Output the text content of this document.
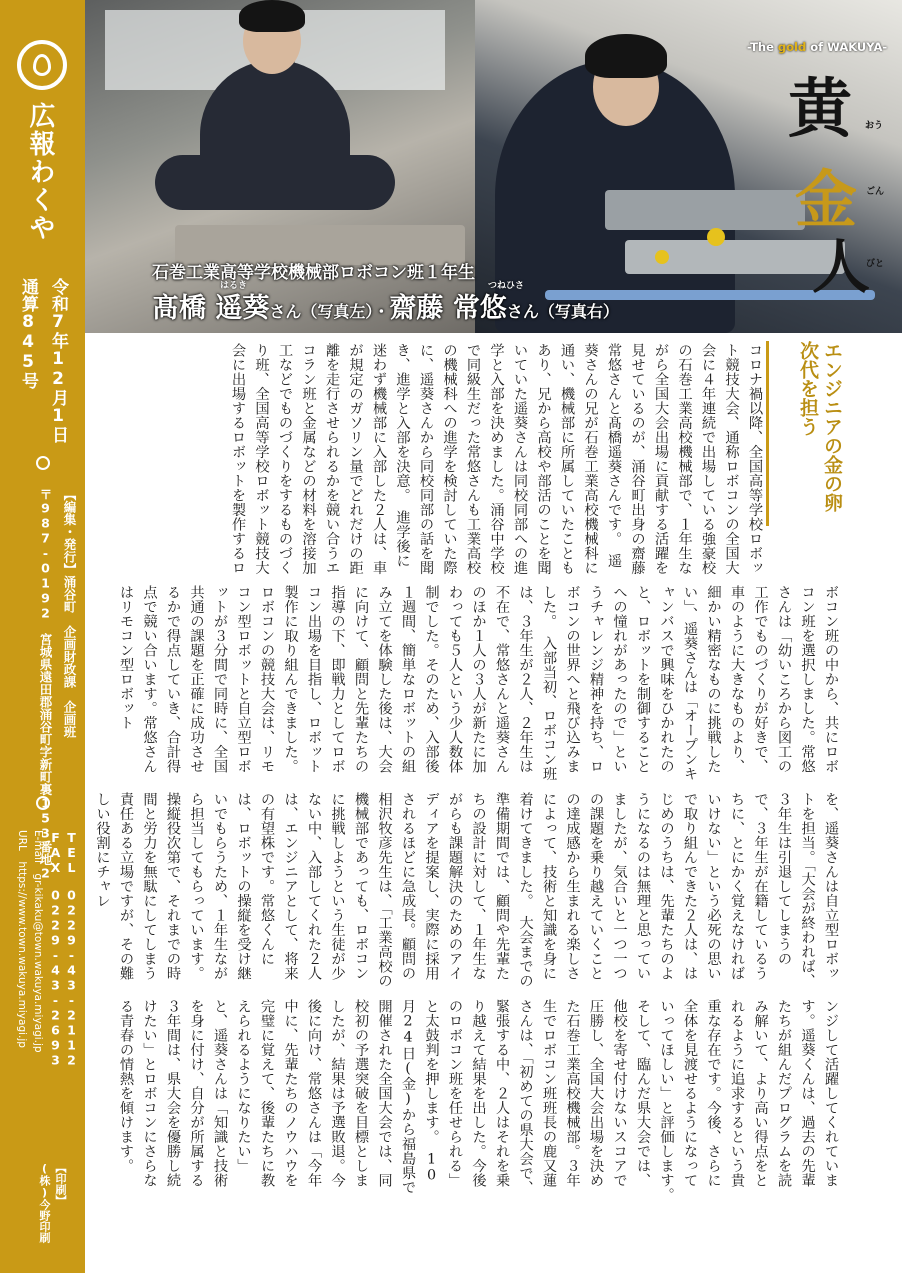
広報わくや
令和7年12月1日
通算845号
【編集・発行】涌谷町　企画財政課　企画班
〒987-0192　宮城県遠田郡涌谷町字新町裏153番地2
TEL　0229-43-2112
FAX　0229-43-2693
E-mail　gr-kikaku@town.wakuya.miyagi.jp
URL　https://www.town.wakuya.miyagi.jp
【印刷】
(株)今野印刷
石巻工業高等学校機械部ロボコン班１年生
はるき	つねひさ
髙橋 遥葵さん（写真左）・齋藤 常悠さん（写真右）
-The gold of WAKUYA-
黄
金
人
おう
ごん
びと
次代を担う エンジニアの金の卵
コロナ禍以降、全国高等学校ロボット競技大会、通称ロボコンの全国大会に４年連続で出場している強豪校の石巻工業高校機械部で、１年生ながら全国大会出場に貢献する活躍を見せているのが、涌谷町出身の齋藤常悠さんと髙橋遥葵さんです。　遥葵さんの兄が石巻工業高校機械科に通い、機械部に所属していたこともあり、兄から高校や部活のことを聞いていた遥葵さんは同校同部への進学と入部を決めました。涌谷中学校で同級生だった常悠さんも工業高校の機械科への進学を検討していた際に、遥葵さんから同校同部の話を聞き、進学と入部を決意。　進学後に迷わず機械部に入部した２人は、車が規定のガソリン量でどれだけの距離を走行させられるかを競い合うエコラン班と金属などの材料を溶接加工などでものづくりをするものづくり班、全国高等学校ロボット競技大会に出場するロボットを製作するロ
ボコン班の中から、共にロボコン班を選択しました。常悠さんは「幼いころから図工の工作でものづくりが好きで、車のように大きなものより、細かい精密なものに挑戦したい」、遥葵さんは「オープンキャンバスで興味をひかれたのと、ロボットを制御することへの憧れがあったので」というチャレンジ精神を持ち、ロボコンの世界へと飛び込みました。　入部当初、ロボコン班は、３年生が２人、２年生は不在で、常悠さんと遥葵さんのほか１人の３人が新たに加わっても５人という少人数体制でした。そのため、入部後１週間、簡単なロボットの組み立てを体験した後は、大会に向けて、顧問と先輩たちの指導の下、即戦力としてロボコン出場を目指し、ロボット製作に取り組んできました。　ロボコンの競技大会は、リモコン型ロボットと自立型ロボットが３分間で同時に、全国共通の課題を正確に成功させるかで得点していき、合計得点で競い合います。常悠さんはリモコン型ロボット
を、遥葵さんは自立型ロボットを担当。「大会が終われば、３年生は引退してしまうので、３年生が在籍しているうちに、とにかく覚えなければいけない」という必死の思いで取り組んできた２人は、はじめのうちは、先輩たちのようになるのは無理と思っていましたが、気合いと一つ一つの課題を乗り越えていくことの達成感から生まれる楽しさによって、技術と知識を身に着けてきました。　大会までの準備期間では、顧問や先輩たちの設計に対して、１年生ながらも課題解決のためのアイディアを提案し、実際に採用されるほどに急成長。顧問の相沢牧彦先生は、「工業高校の機械部であっても、ロボコンに挑戦しようという生徒が少ない中、入部してくれた２人は、エンジニアとして、将来の有望株です。常悠くんには、ロボットの操縦を受け継いでもらうため、１年生ながら担当してもらっています。操縦役次第で、それまでの時間と労力を無駄にしてしまう責任ある立場ですが、その難しい役割にチャレ
ンジして活躍してくれています。遥葵くんは、過去の先輩たちが組んだプログラムを読み解いて、より高い得点をとれるように追求するという貴重な存在です。今後、さらに全体を見渡せるようになっていってほしい」と評価します。　そして、臨んだ県大会では、他校を寄せ付けないスコアで圧勝し、全国大会出場を決めた石巻工業高校機械部。３年生でロボコン班班長の鹿又蓮さんは、「初めての県大会で、緊張する中、２人はそれを乗り越えて結果を出した。今後のロボコン班を任せられる」と太鼓判を押します。　10月24日(金)から福島県で開催された全国大会では、同校初の予選突破を目標としましたが、結果は予選敗退。今後に向け、常悠さんは「今年中に、先輩たちのノウハウを完璧に覚えて、後輩たちに教えられるようになりたい」と、遥葵さんは「知識と技術を身に付け、自分が所属する３年間は、県大会を優勝し続けたい」とロボコンにさらなる青春の情熱を傾けます。
